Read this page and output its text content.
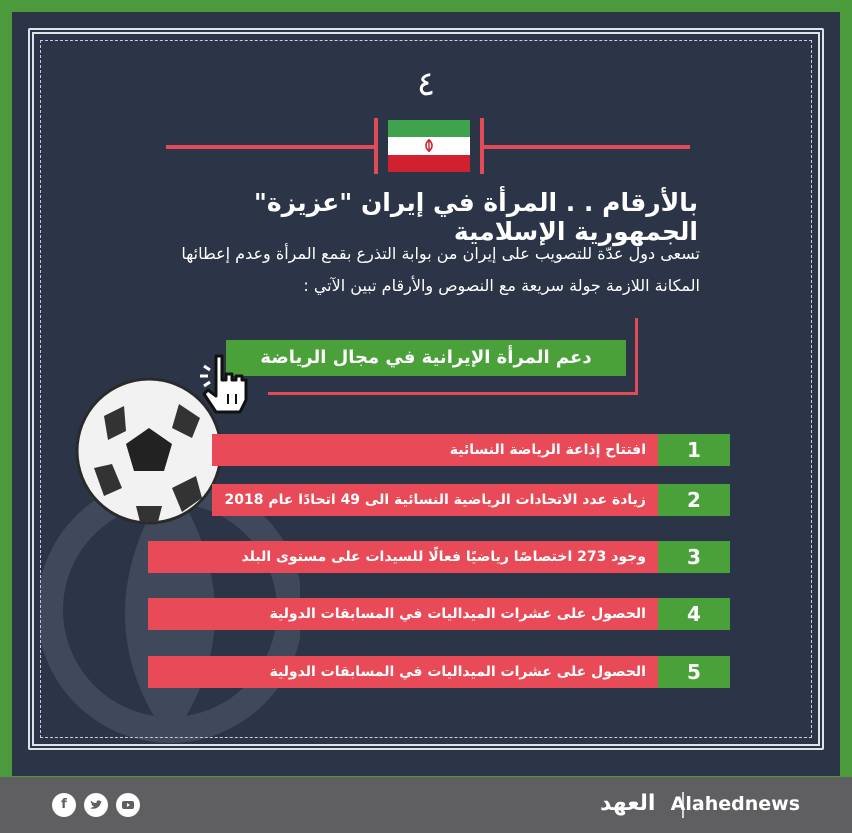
٤
بالأرقام . . المرأة في إيران "عزيزة" الجمهورية الإسلامية
تسعى دول عدّة للتصويب على إيران من بوابة التذرع بقمع المرأة وعدم إعطائها
المكانة اللازمة جولة سريعة مع النصوص والأرقام تبين الآتي :
دعم المرأة الإيرانية في مجال الرياضة
افتتاح إذاعة الرياضة النسائية	1
زيادة عدد الاتحادات الرياضية النسائية الى 49 اتحادًا عام 2018	2
وجود 273 اختصاصًا رياضيًا فعالًا للسيدات على مستوى البلد	3
الحصول على عشرات الميداليات في المسابقات الدولية	4
الحصول على عشرات الميداليات في المسابقات الدولية	5
f	العهد Alahednews
